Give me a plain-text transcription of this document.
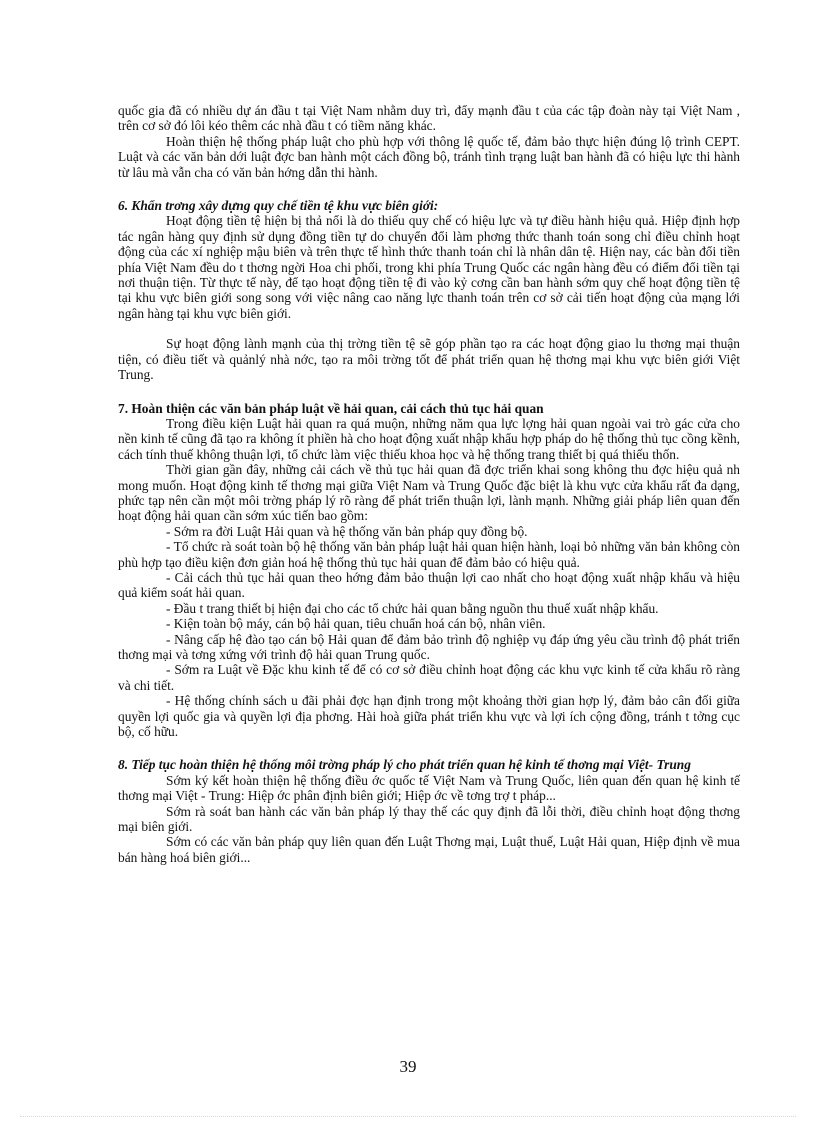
quốc gia đã có nhiều dự án đầu t tại Việt Nam nhằm duy trì, đẩy mạnh đầu t của các tập đoàn này tại Việt Nam , trên cơ sở đó lôi kéo thêm các nhà đầu t có tiềm năng khác.

Hoàn thiện hệ thống pháp luật cho phù hợp với thông lệ quốc tế, đảm bảo thực hiện đúng lộ trình CEPT. Luật và các văn bản dới luật đợc ban hành một cách đồng bộ, tránh tình trạng luật ban hành đã có hiệu lực thi hành từ lâu mà vẫn cha có văn bản hớng dẫn thi hành.

6. Khẩn trơng xây dựng quy chế tiền tệ khu vực biên giới:

Hoạt động tiền tệ hiện bị thả nổi là do thiếu quy chế có hiệu lực và tự điều hành hiệu quả. Hiệp định hợp tác ngân hàng quy định sử dụng đồng tiền tự do chuyển đổi làm phơng thức thanh toán song chỉ điều chỉnh hoạt động của các xí nghiệp mậu biên và trên thực tế hình thức thanh toán chỉ là nhân dân tệ. Hiện nay, các bàn đổi tiền phía Việt Nam đều do t thơng ngời Hoa chi phối, trong khi phía Trung Quốc các ngân hàng đều có điểm đổi tiền tại nơi thuận tiện. Từ thực tế này, để tạo hoạt động tiền tệ đi vào kỷ cơng cần ban hành sớm quy chế hoạt động tiền tệ tại khu vực biên giới song song với việc nâng cao năng lực thanh toán trên cơ sở cải tiến hoạt động của mạng lới ngân hàng tại khu vực biên giới.

Sự hoạt động lành mạnh của thị trờng tiền tệ sẽ góp phần tạo ra các hoạt động giao lu thơng mại thuận tiện, có điều tiết và quảnlý nhà nớc, tạo ra môi trờng tốt để phát triển quan hệ thơng mại khu vực biên giới Việt Trung.

7. Hoàn thiện các văn bản pháp luật về hải quan, cải cách thủ tục hải quan

Trong điều kiện Luật hải quan ra quá muộn, những năm qua lực lợng hải quan ngoài vai trò gác cửa cho nền kinh tế cũng đã tạo ra không ít phiền hà cho hoạt động xuất nhập khẩu hợp pháp do hệ thống thủ tục cồng kềnh, cách tính thuế không thuận lợi, tổ chức làm việc thiếu khoa học và hệ thống trang thiết bị quá thiếu thốn.

Thời gian gần đây, những cải cách về thủ tục hải quan đã đợc triển khai song không thu đợc hiệu quả nh mong muốn. Hoạt động kinh tế thơng mại giữa Việt Nam và Trung Quốc đặc biệt là khu vực cửa khẩu rất đa dạng, phức tạp nên cần một môi trờng pháp lý rõ ràng để phát triển thuận lợi, lành mạnh. Những giải pháp liên quan đến hoạt động hải quan cần sớm xúc tiến bao gồm:

- Sớm ra đời Luật Hải quan và hệ thống văn bản pháp quy đồng bộ.

- Tổ chức rà soát toàn bộ hệ thống văn bản pháp luật hải quan hiện hành, loại bỏ những văn bản không còn phù hợp tạo điều kiện đơn giản hoá hệ thống thủ tục hải quan để đảm bảo có hiệu quả.

- Cải cách thủ tục hải quan theo hớng đảm bảo thuận lợi cao nhất cho hoạt động xuất nhập khẩu và hiệu quả kiểm soát hải quan.

- Đầu t trang thiết bị hiện đại cho các tổ chức hải quan bằng nguồn thu thuế xuất nhập khẩu.

- Kiện toàn bộ máy, cán bộ hải quan, tiêu chuẩn hoá cán bộ, nhân viên.

- Nâng cấp hệ đào tạo cán bộ Hải quan để đảm bảo trình độ nghiệp vụ đáp ứng yêu cầu trình độ phát triển thơng mại và tơng xứng với trình độ hải quan Trung quốc.

- Sớm ra Luật về Đặc khu kinh tế để có cơ sở điều chỉnh hoạt động các khu vực kinh tế cửa khẩu rõ ràng và chi tiết.

- Hệ thống chính sách u đãi phải đợc hạn định trong một khoảng thời gian hợp lý, đảm bảo cân đối giữa quyền lợi quốc gia và quyền lợi địa phơng. Hài hoà giữa phát triển khu vực và lợi ích cộng đồng, tránh t tởng cục bộ, cố hữu.

8. Tiếp tục hoàn thiện hệ thống môi trờng pháp lý cho phát triển quan hệ kinh tế thơng mại Việt- Trung

Sớm ký kết hoàn thiện hệ thống điều ớc quốc tế Việt Nam và Trung Quốc, liên quan đến quan hệ kinh tế thơng mại Việt - Trung: Hiệp ớc phân định biên giới; Hiệp ớc về tơng trợ t pháp...

Sớm rà soát ban hành các văn bản pháp lý thay thế các quy định đã lỗi thời, điều chỉnh hoạt động thơng mại biên giới.

Sớm có các văn bản pháp quy liên quan đến Luật Thơng mại, Luật thuế, Luật Hải quan, Hiệp định về mua bán hàng hoá biên giới...

39
